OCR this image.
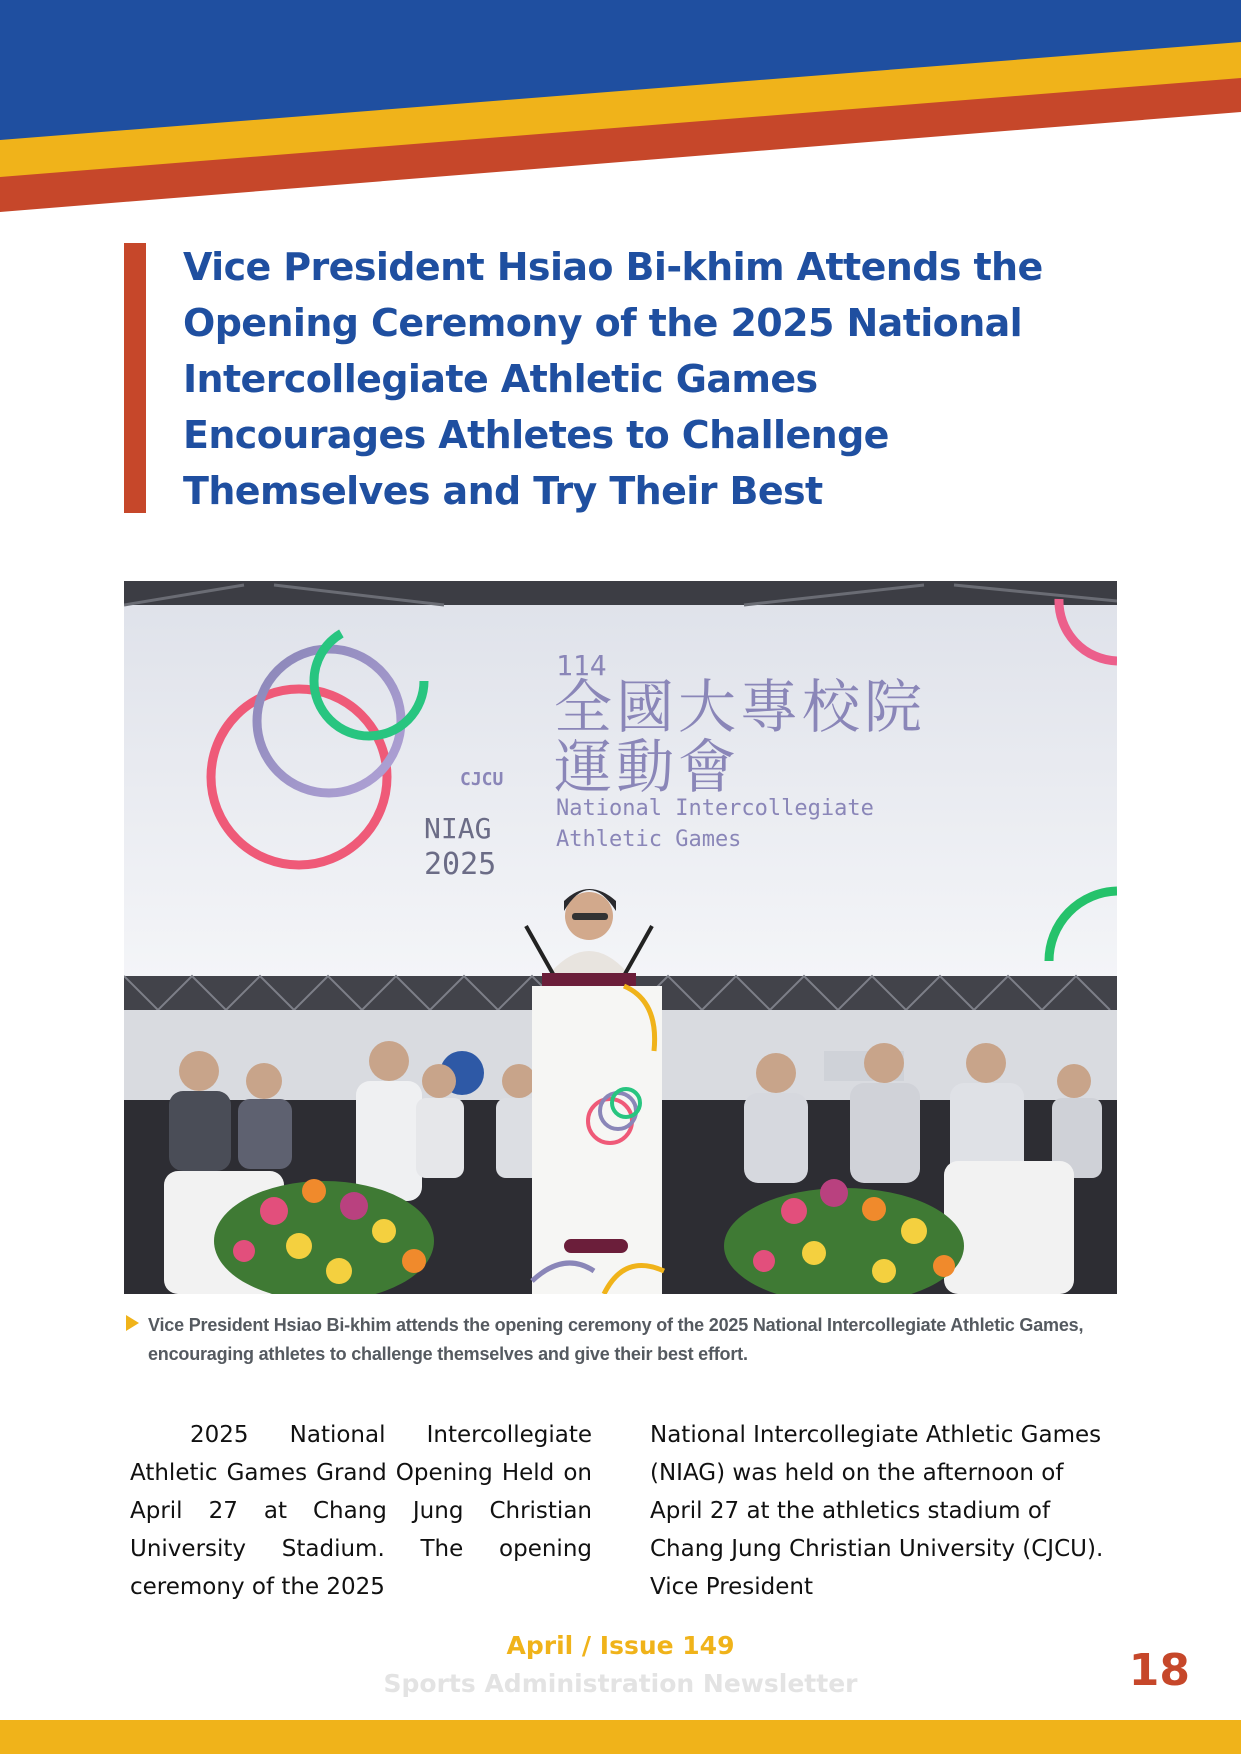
Vice President Hsiao Bi-khim Attends the Opening Ceremony of the 2025 National Intercollegiate Athletic Games Encourages Athletes to Challenge Themselves and Try Their Best
CJCU
NIAG
2025
114
全國大專校院
運動會
National Intercollegiate
Athletic Games

Vice President Hsiao Bi-khim attends the opening ceremony of the 2025 National Intercollegiate Athletic Games, encouraging athletes to challenge themselves and give their best effort.

2025 National Intercollegiate Athletic Games Grand Opening Held on April 27 at Chang Jung Christian University Stadium. The opening ceremony of the 2025

National Intercollegiate Athletic Games (NIAG) was held on the afternoon of April 27 at the athletics stadium of Chang Jung Christian University (CJCU). Vice President

April / Issue 149

Sports Administration Newsletter	18
